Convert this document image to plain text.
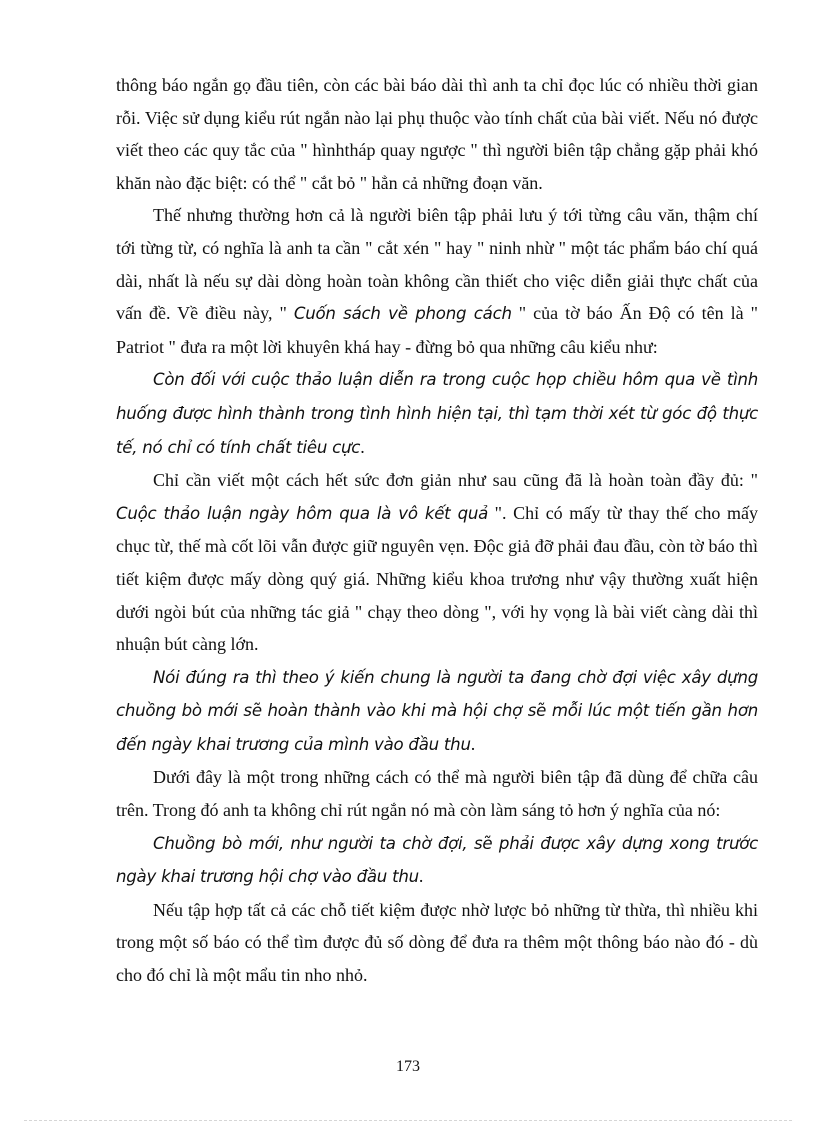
thông báo ngắn gọ đầu tiên, còn các bài báo dài thì anh ta chỉ đọc lúc có nhiều thời gian rỗi. Việc sử dụng kiểu rút ngắn nào lại phụ thuộc vào tính chất của bài viết. Nếu nó được viết theo các quy tắc của " hìnhtháp quay ngược " thì người biên tập chẳng gặp phải khó khăn nào đặc biệt: có thể " cắt bỏ " hẳn cả những đoạn văn.

Thế nhưng thường hơn cả là người biên tập phải lưu ý tới từng câu văn, thậm chí tới từng từ, có nghĩa là anh ta cần " cắt xén " hay " ninh nhừ " một tác phẩm báo chí quá dài, nhất là nếu sự dài dòng hoàn toàn không cần thiết cho việc diễn giải thực chất của vấn đề. Về điều này, " Cuốn sách về phong cách " của tờ báo Ấn Độ có tên là " Patriot " đưa ra một lời khuyên khá hay - đừng bỏ qua những câu kiểu như:

Còn đối với cuộc thảo luận diễn ra trong cuộc họp chiều hôm qua về tình huống được hình thành trong tình hình hiện tại, thì tạm thời xét từ góc độ thực tế, nó chỉ có tính chất tiêu cực.

Chỉ cần viết một cách hết sức đơn giản như sau cũng đã là hoàn toàn đầy đủ: " Cuộc thảo luận ngày hôm qua là vô kết quả ". Chỉ có mấy từ thay thế cho mấy chục từ, thế mà cốt lõi vẫn được giữ nguyên vẹn. Độc giả đỡ phải đau đầu, còn tờ báo thì tiết kiệm được mấy dòng quý giá. Những kiểu khoa trương như vậy thường xuất hiện dưới ngòi bút của những tác giả " chạy theo dòng ", với hy vọng là bài viết càng dài thì nhuận bút càng lớn.

Nói đúng ra thì theo ý kiến chung là người ta đang chờ đợi việc xây dựng chuồng bò mới sẽ hoàn thành vào khi mà hội chợ sẽ mỗi lúc một tiến gần hơn đến ngày khai trương của mình vào đầu thu.

Dưới đây là một trong những cách có thể mà người biên tập đã dùng để chữa câu trên. Trong đó anh ta không chỉ rút ngắn nó mà còn làm sáng tỏ hơn ý nghĩa của nó:

Chuồng bò mới, như người ta chờ đợi, sẽ phải được xây dựng xong trước ngày khai trương hội chợ vào đầu thu.

Nếu tập hợp tất cả các chỗ tiết kiệm được nhờ lược bỏ những từ thừa, thì nhiều khi trong một số báo có thể tìm được đủ số dòng để đưa ra thêm một thông báo nào đó - dù cho đó chỉ là một mẩu tin nho nhỏ.

173
